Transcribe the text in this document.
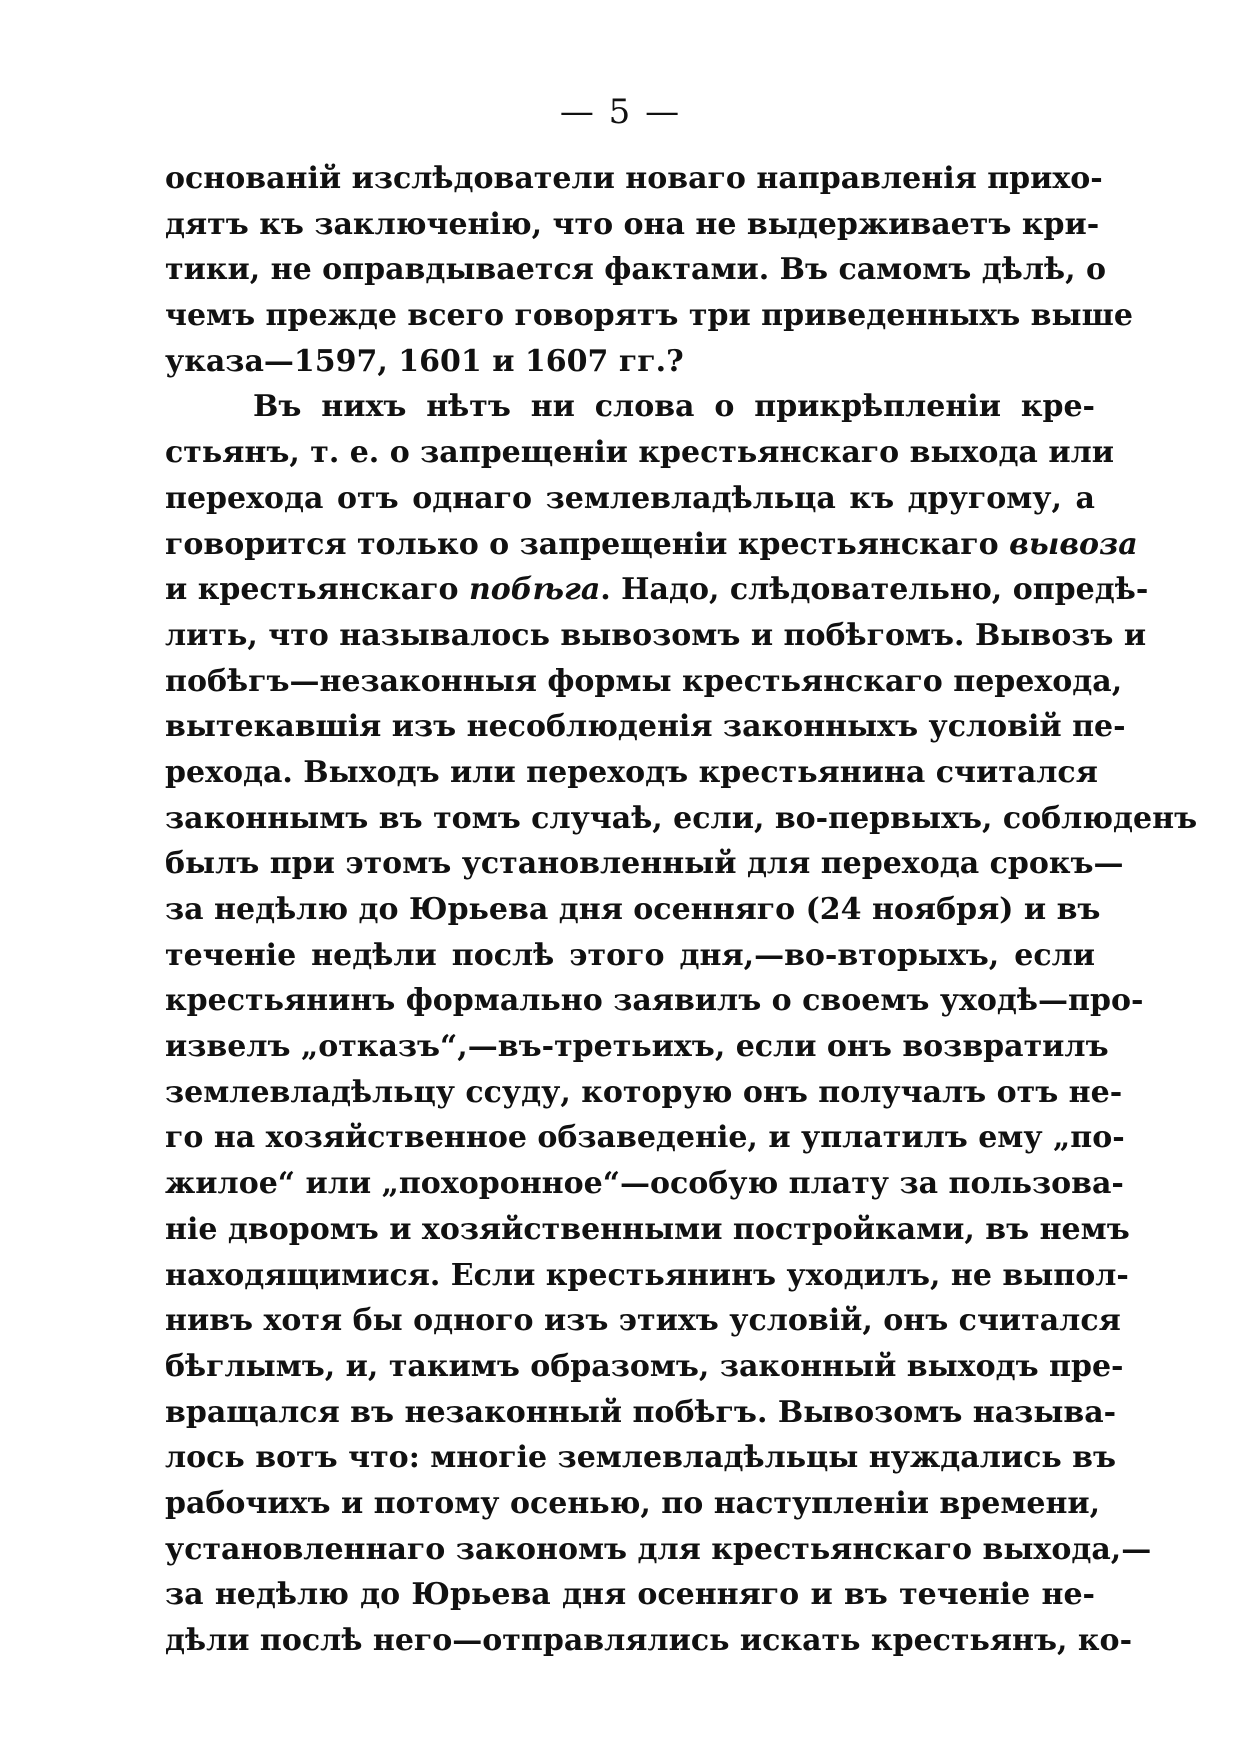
— 5 —
основаній изслѣдователи новаго направленія прихо-
дятъ къ заключенію, что она не выдерживаетъ кри-
тики, не оправдывается фактами. Въ самомъ дѣлѣ, о
чемъ прежде всего говорятъ три приведенныхъ выше
указа—1597, 1601 и 1607 гг.?
Въ нихъ нѣтъ ни слова о прикрѣпленіи кре-
стьянъ, т. е. о запрещеніи крестьянскаго выхода или
перехода отъ однаго землевладѣльца къ другому, а
говорится только о запрещеніи крестьянскаго вывоза
и крестьянскаго побѣга. Надо, слѣдовательно, опредѣ-
лить, что называлось вывозомъ и побѣгомъ. Вывозъ и
побѣгъ—незаконныя формы крестьянскаго перехода,
вытекавшія изъ несоблюденія законныхъ условій пе-
рехода. Выходъ или переходъ крестьянина считался
законнымъ въ томъ случаѣ, если, во-первыхъ, соблюденъ
былъ при этомъ установленный для перехода срокъ—
за недѣлю до Юрьева дня осенняго (24 ноября) и въ
теченіе недѣли послѣ этого дня,—во-вторыхъ, если
крестьянинъ формально заявилъ о своемъ уходѣ—про-
извелъ „отказъ“,—въ-третьихъ, если онъ возвратилъ
землевладѣльцу ссуду, которую онъ получалъ отъ не-
го на хозяйственное обзаведеніе, и уплатилъ ему „по-
жилое“ или „похоронное“—особую плату за пользова-
ніе дворомъ и хозяйственными постройками, въ немъ
находящимися. Если крестьянинъ уходилъ, не выпол-
нивъ хотя бы одного изъ этихъ условій, онъ считался
бѣглымъ, и, такимъ образомъ, законный выходъ пре-
вращался въ незаконный побѣгъ. Вывозомъ называ-
лось вотъ что: многіе землевладѣльцы нуждались въ
рабочихъ и потому осенью, по наступленіи времени,
установленнаго закономъ для крестьянскаго выхода,—
за недѣлю до Юрьева дня осенняго и въ теченіе не-
дѣли послѣ него—отправлялись искать крестьянъ, ко-
